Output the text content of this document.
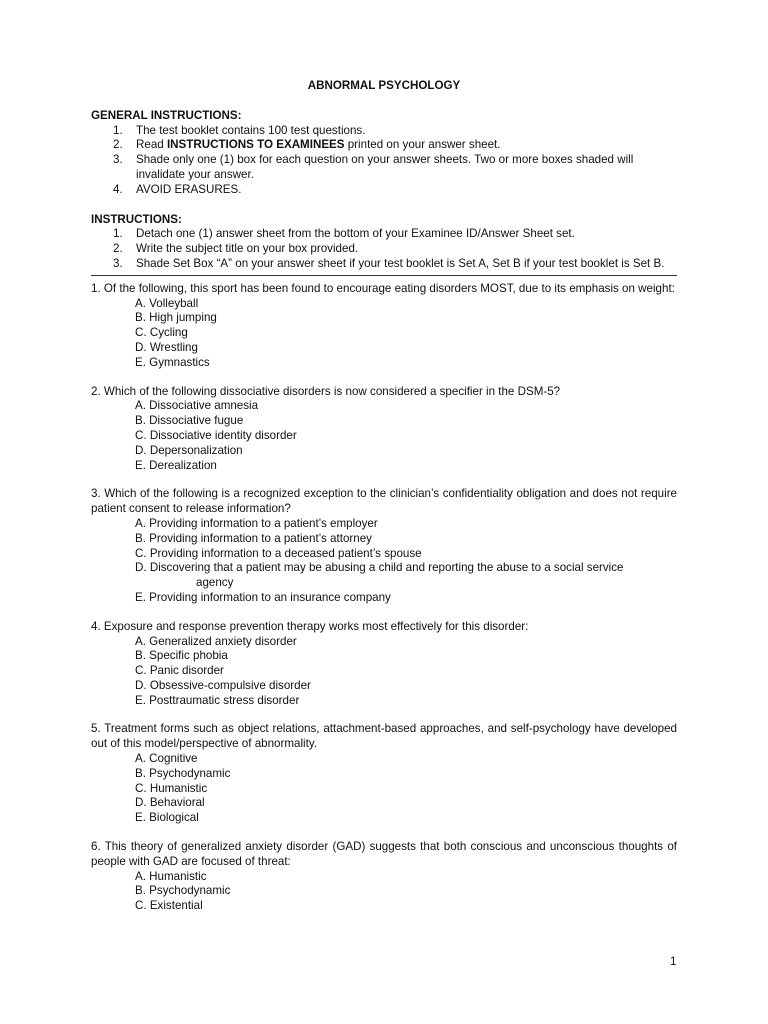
ABNORMAL PSYCHOLOGY
GENERAL INSTRUCTIONS:
1. The test booklet contains 100 test questions.
2. Read INSTRUCTIONS TO EXAMINEES printed on your answer sheet.
3. Shade only one (1) box for each question on your answer sheets. Two or more boxes shaded will invalidate your answer.
4. AVOID ERASURES.
INSTRUCTIONS:
1. Detach one (1) answer sheet from the bottom of your Examinee ID/Answer Sheet set.
2. Write the subject title on your box provided.
3. Shade Set Box “A” on your answer sheet if your test booklet is Set A, Set B if your test booklet is Set B.
1. Of the following, this sport has been found to encourage eating disorders MOST, due to its emphasis on weight:
A. Volleyball
B. High jumping
C. Cycling
D. Wrestling
E. Gymnastics
2. Which of the following dissociative disorders is now considered a specifier in the DSM-5?
A. Dissociative amnesia
B. Dissociative fugue
C. Dissociative identity disorder
D. Depersonalization
E. Derealization
3. Which of the following is a recognized exception to the clinician’s confidentiality obligation and does not require patient consent to release information?
A. Providing information to a patient’s employer
B. Providing information to a patient’s attorney
C. Providing information to a deceased patient’s spouse
D. Discovering that a patient may be abusing a child and reporting the abuse to a social service
agency
E. Providing information to an insurance company
4. Exposure and response prevention therapy works most effectively for this disorder:
A. Generalized anxiety disorder
B. Specific phobia
C. Panic disorder
D. Obsessive-compulsive disorder
E. Posttraumatic stress disorder
5. Treatment forms such as object relations, attachment-based approaches, and self-psychology have developed out of this model/perspective of abnormality.
A. Cognitive
B. Psychodynamic
C. Humanistic
D. Behavioral
E. Biological
6. This theory of generalized anxiety disorder (GAD) suggests that both conscious and unconscious thoughts of people with GAD are focused of threat:
A. Humanistic
B. Psychodynamic
C. Existential
1
